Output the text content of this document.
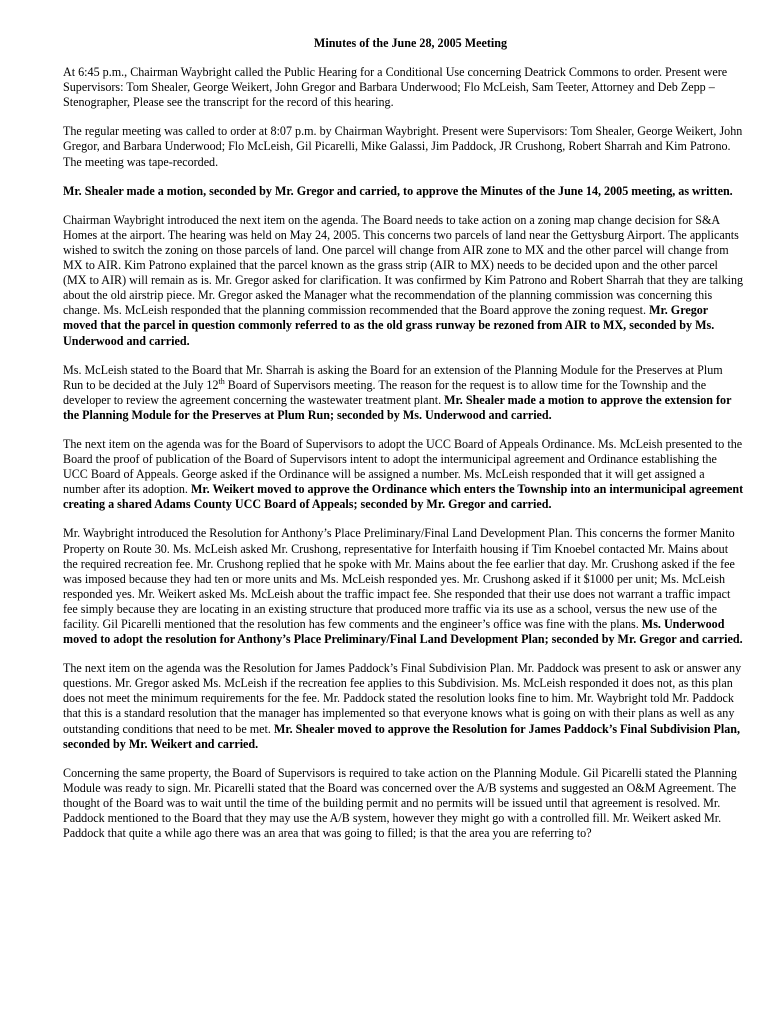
Minutes of the June 28, 2005 Meeting

At 6:45 p.m., Chairman Waybright called the Public Hearing for a Conditional Use concerning Deatrick Commons to order. Present were Supervisors: Tom Shealer, George Weikert, John Gregor and Barbara Underwood; Flo McLeish, Sam Teeter, Attorney and Deb Zepp – Stenographer, Please see the transcript for the record of this hearing.

The regular meeting was called to order at 8:07 p.m. by Chairman Waybright. Present were Supervisors: Tom Shealer, George Weikert, John Gregor, and Barbara Underwood; Flo McLeish, Gil Picarelli, Mike Galassi, Jim Paddock, JR Crushong, Robert Sharrah and Kim Patrono. The meeting was tape-recorded.

Mr. Shealer made a motion, seconded by Mr. Gregor and carried, to approve the Minutes of the June 14, 2005 meeting, as written.

Chairman Waybright introduced the next item on the agenda. The Board needs to take action on a zoning map change decision for S&A Homes at the airport. The hearing was held on May 24, 2005. This concerns two parcels of land near the Gettysburg Airport. The applicants wished to switch the zoning on those parcels of land. One parcel will change from AIR zone to MX and the other parcel will change from MX to AIR. Kim Patrono explained that the parcel known as the grass strip (AIR to MX) needs to be decided upon and the other parcel (MX to AIR) will remain as is. Mr. Gregor asked for clarification. It was confirmed by Kim Patrono and Robert Sharrah that they are talking about the old airstrip piece. Mr. Gregor asked the Manager what the recommendation of the planning commission was concerning this change. Ms. McLeish responded that the planning commission recommended that the Board approve the zoning request. Mr. Gregor moved that the parcel in question commonly referred to as the old grass runway be rezoned from AIR to MX, seconded by Ms. Underwood and carried.

Ms. McLeish stated to the Board that Mr. Sharrah is asking the Board for an extension of the Planning Module for the Preserves at Plum Run to be decided at the July 12th Board of Supervisors meeting. The reason for the request is to allow time for the Township and the developer to review the agreement concerning the wastewater treatment plant. Mr. Shealer made a motion to approve the extension for the Planning Module for the Preserves at Plum Run; seconded by Ms. Underwood and carried.

The next item on the agenda was for the Board of Supervisors to adopt the UCC Board of Appeals Ordinance. Ms. McLeish presented to the Board the proof of publication of the Board of Supervisors intent to adopt the intermunicipal agreement and Ordinance establishing the UCC Board of Appeals. George asked if the Ordinance will be assigned a number. Ms. McLeish responded that it will get assigned a number after its adoption. Mr. Weikert moved to approve the Ordinance which enters the Township into an intermunicipal agreement creating a shared Adams County UCC Board of Appeals; seconded by Mr. Gregor and carried.

Mr. Waybright introduced the Resolution for Anthony’s Place Preliminary/Final Land Development Plan. This concerns the former Manito Property on Route 30. Ms. McLeish asked Mr. Crushong, representative for Interfaith housing if Tim Knoebel contacted Mr. Mains about the required recreation fee. Mr. Crushong replied that he spoke with Mr. Mains about the fee earlier that day. Mr. Crushong asked if the fee was imposed because they had ten or more units and Ms. McLeish responded yes. Mr. Crushong asked if it $1000 per unit; Ms. McLeish responded yes. Mr. Weikert asked Ms. McLeish about the traffic impact fee. She responded that their use does not warrant a traffic impact fee simply because they are locating in an existing structure that produced more traffic via its use as a school, versus the new use of the facility. Gil Picarelli mentioned that the resolution has few comments and the engineer’s office was fine with the plans. Ms. Underwood moved to adopt the resolution for Anthony’s Place Preliminary/Final Land Development Plan; seconded by Mr. Gregor and carried.

The next item on the agenda was the Resolution for James Paddock’s Final Subdivision Plan. Mr. Paddock was present to ask or answer any questions. Mr. Gregor asked Ms. McLeish if the recreation fee applies to this Subdivision. Ms. McLeish responded it does not, as this plan does not meet the minimum requirements for the fee. Mr. Paddock stated the resolution looks fine to him. Mr. Waybright told Mr. Paddock that this is a standard resolution that the manager has implemented so that everyone knows what is going on with their plans as well as any outstanding conditions that need to be met. Mr. Shealer moved to approve the Resolution for James Paddock’s Final Subdivision Plan, seconded by Mr. Weikert and carried.

Concerning the same property, the Board of Supervisors is required to take action on the Planning Module. Gil Picarelli stated the Planning Module was ready to sign. Mr. Picarelli stated that the Board was concerned over the A/B systems and suggested an O&M Agreement. The thought of the Board was to wait until the time of the building permit and no permits will be issued until that agreement is resolved. Mr. Paddock mentioned to the Board that they may use the A/B system, however they might go with a controlled fill. Mr. Weikert asked Mr. Paddock that quite a while ago there was an area that was going to filled; is that the area you are referring to?
